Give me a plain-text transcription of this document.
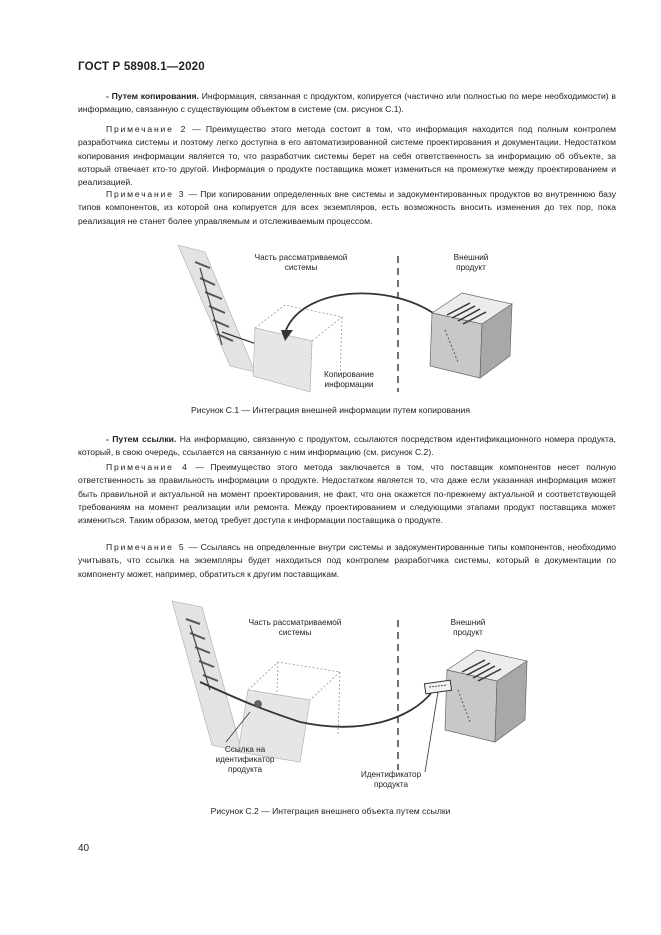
ГОСТ Р 58908.1—2020
- Путем копирования. Информация, связанная с продуктом, копируется (частично или полностью по мере необходимости) в информацию, связанную с существующим объектом в системе (см. рисунок С.1).
Примечание 2 — Преимущество этого метода состоит в том, что информация находится под полным контролем разработчика системы и поэтому легко доступна в его автоматизированной системе проектирования и документации. Недостатком копирования информации является то, что разработчик системы берет на себя ответственность за информацию об объекте, за который отвечает кто-то другой. Информация о продукте поставщика может измениться на промежутке между проектированием и реализацией.
Примечание 3 — При копировании определенных вне системы и задокументированных продуктов во внутреннюю базу типов компонентов, из которой она копируется для всех экземпляров, есть возможность вносить изменения до тех пор, пока реализация не станет более управляемым и отслеживаемым процессом.
Часть рассматриваемой системы
Внешний продукт
Копирование информации
Рисунок С.1 — Интеграция внешней информации путем копирования
- Путем ссылки. На информацию, связанную с продуктом, ссылаются посредством идентификационного номера продукта, который, в свою очередь, ссылается на связанную с ним информацию (см. рисунок С.2).
Примечание 4 — Преимущество этого метода заключается в том, что поставщик компонентов несет полную ответственность за правильность информации о продукте. Недостатком является то, что даже если указанная информация может быть правильной и актуальной на момент проектирования, не факт, что она окажется по-прежнему актуальной и соответствующей требованиям на момент реализации или ремонта. Между проектированием и следующими этапами продукт поставщика может измениться. Таким образом, метод требует доступа к информации поставщика о продукте.
Примечание 5 — Ссылаясь на определенные внутри системы и задокументированные типы компонентов, необходимо учитывать, что ссылка на экземпляры будет находиться под контролем разработчика системы, который в документации по компоненту может, например, обратиться к другим поставщикам.
Часть рассматриваемой системы
Внешний продукт
Ссылка на идентификатор продукта
Идентификатор продукта
Рисунок С.2 — Интеграция внешнего объекта путем ссылки
40
